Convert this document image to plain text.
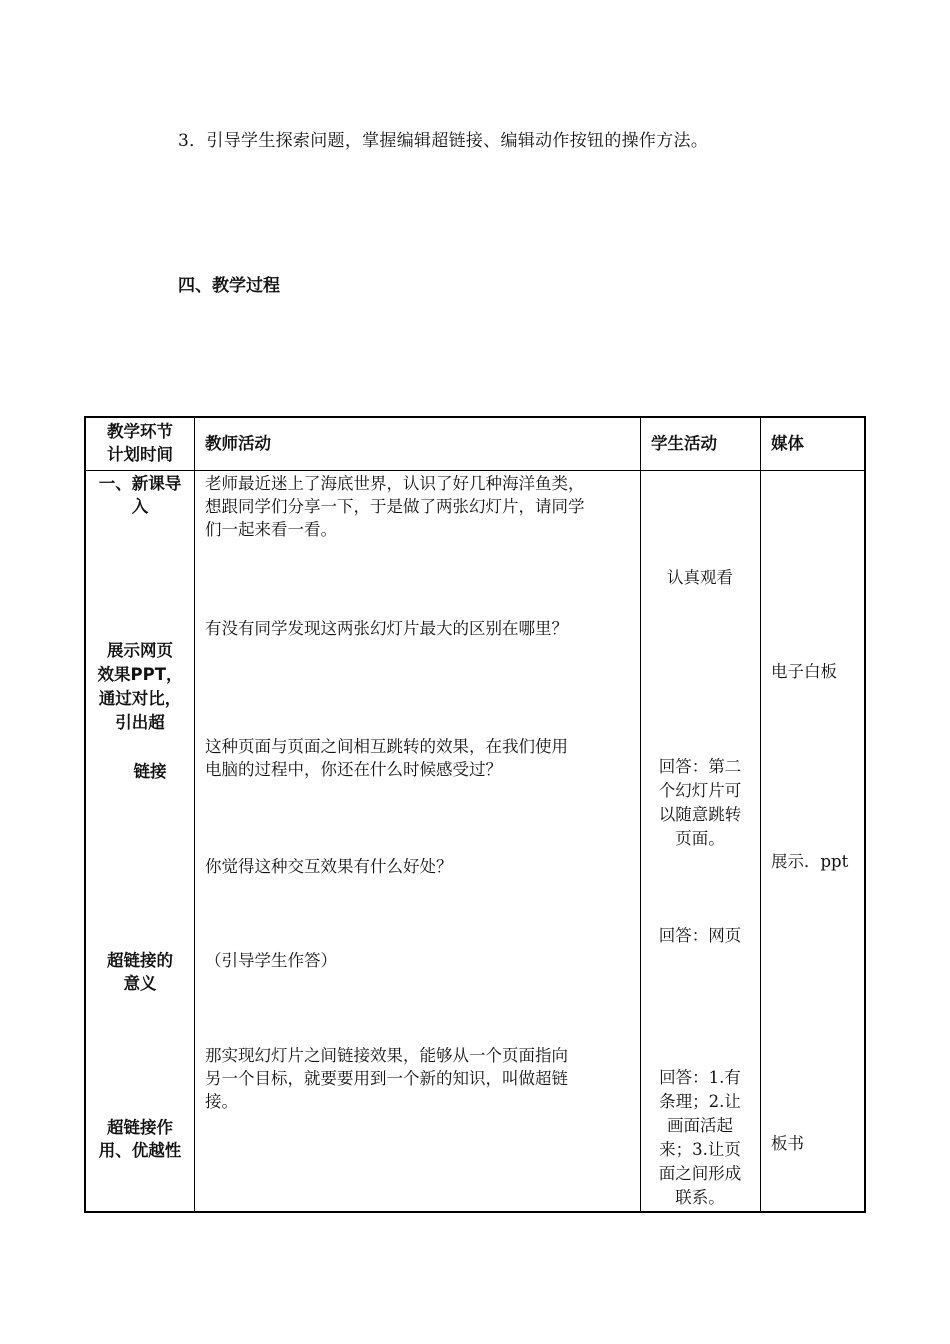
3．引导学生探索问题，掌握编辑超链接、编辑动作按钮的操作方法。
四、教学过程
教学环节
计划时间
教师活动	学生活动	媒体
一、新课导
入
展示网页
效果PPT，
通过对比，
引出超
链接
超链接的
意义
超链接作
用、优越性
老师最近迷上了海底世界，认识了好几种海洋鱼类，
想跟同学们分享一下，于是做了两张幻灯片，请同学
们一起来看一看。
有没有同学发现这两张幻灯片最大的区别在哪里？
这种页面与页面之间相互跳转的效果，在我们使用
电脑的过程中，你还在什么时候感受过？
你觉得这种交互效果有什么好处？
（引导学生作答）
那实现幻灯片之间链接效果，能够从一个页面指向
另一个目标，就要要用到一个新的知识，叫做超链
接。
认真观看
回答：第二
个幻灯片可
以随意跳转
页面。
回答：网页
回答：1.有
条理；2.让
画面活起
来；3.让页
面之间形成
联系。
电子白板
展示．ppt
板书
